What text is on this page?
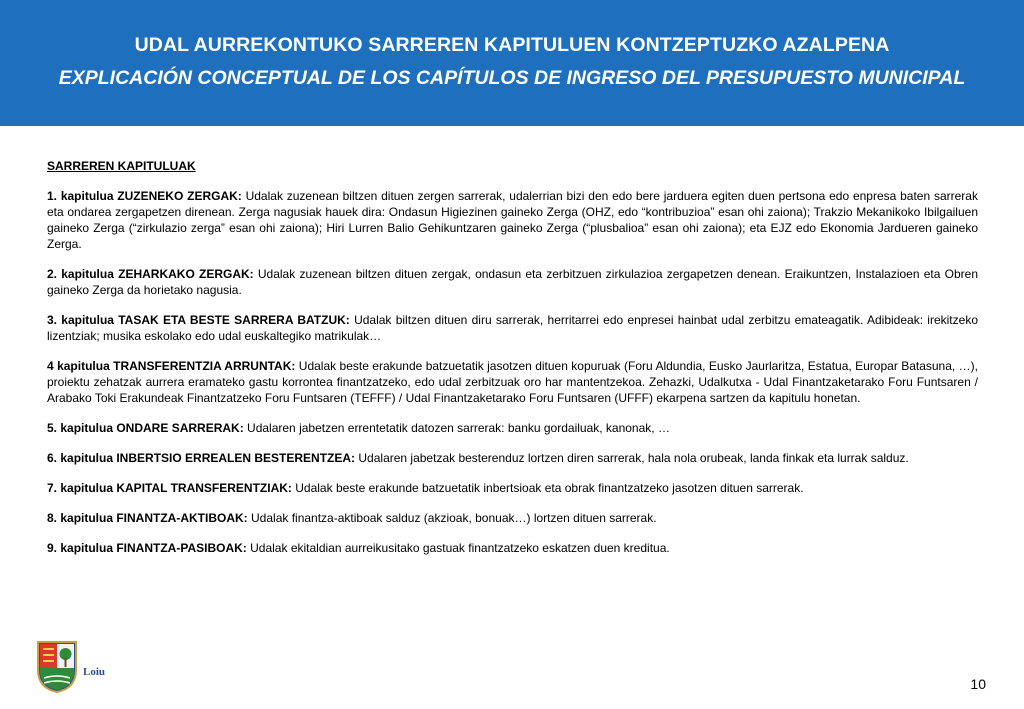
UDAL AURREKONTUKO SARREREN KAPITULUEN KONTZEPTUZKO AZALPENA
EXPLICACIÓN CONCEPTUAL DE LOS CAPÍTULOS DE INGRESO DEL PRESUPUESTO MUNICIPAL
SARREREN KAPITULUAK
1. kapitulua ZUZENEKO ZERGAK: Udalak zuzenean biltzen dituen zergen sarrerak, udalerrian bizi den edo bere jarduera egiten duen pertsona edo enpresa baten sarrerak eta ondarea zergapetzen direnean. Zerga nagusiak hauek dira: Ondasun Higiezinen gaineko Zerga (OHZ, edo “kontribuzioa” esan ohi zaiona); Trakzio Mekanikoko Ibilgailuen gaineko Zerga (“zirkulazio zerga” esan ohi zaiona); Hiri Lurren Balio Gehikuntzaren gaineko Zerga (“plusbalioa” esan ohi zaiona); eta EJZ edo Ekonomia Jardueren gaineko Zerga.
2. kapitulua ZEHARKAKO ZERGAK: Udalak zuzenean biltzen dituen zergak, ondasun eta zerbitzuen zirkulazioa zergapetzen denean. Eraikuntzen, Instalazioen eta Obren gaineko Zerga da horietako nagusia.
3. kapitulua TASAK ETA BESTE SARRERA BATZUK: Udalak biltzen dituen diru sarrerak, herritarrei edo enpresei hainbat udal zerbitzu emateagatik. Adibideak: irekitzeko lizentziak; musika eskolako edo udal euskaltegiko matrikulak…
4 kapitulua TRANSFERENTZIA ARRUNTAK: Udalak beste erakunde batzuetatik jasotzen dituen kopuruak (Foru Aldundia, Eusko Jaurlaritza, Estatua, Europar Batasuna, …), proiektu zehatzak aurrera eramateko gastu korrontea finantzatzeko, edo udal zerbitzuak oro har mantentzekoa. Zehazki, Udalkutxa - Udal Finantzaketarako Foru Funtsaren / Arabako Toki Erakundeak Finantzatzeko Foru Funtsaren (TEFFF) / Udal Finantzaketarako Foru Funtsaren (UFFF) ekarpena sartzen da kapitulu honetan.
5. kapitulua ONDARE SARRERAK: Udalaren jabetzen errentetatik datozen sarrerak: banku gordailuak, kanonak, …
6. kapitulua INBERTSIO ERREALEN BESTERENTZEA: Udalaren jabetzak besterenduz lortzen diren sarrerak, hala nola orubeak, landa finkak eta lurrak salduz.
7. kapitulua KAPITAL TRANSFERENTZIAK: Udalak beste erakunde batzuetatik inbertsioak eta obrak finantzatzeko jasotzen dituen sarrerak.
8. kapitulua FINANTZA-AKTIBOAK: Udalak finantza-aktiboak salduz (akzioak, bonuak…) lortzen dituen sarrerak.
9. kapitulua FINANTZA-PASIBOAK: Udalak ekitaldian aurreikusitako gastuak finantzatzeko eskatzen duen kreditua.
Loiu
10
